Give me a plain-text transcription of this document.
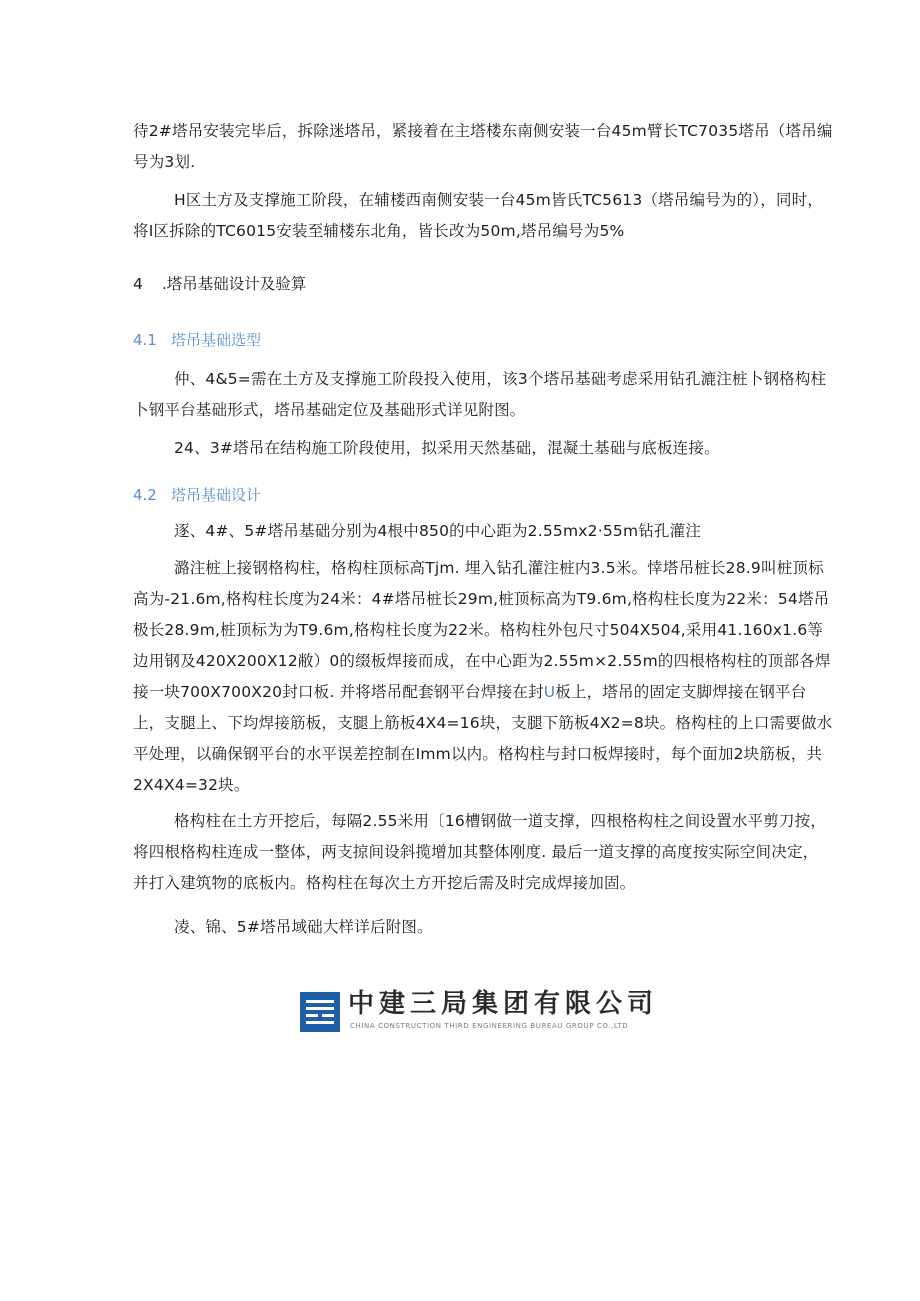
待2#塔吊安装完毕后，拆除迷塔吊，紧接着在主塔楼东南侧安装一台45m臂长TC7035塔吊（塔吊编号为3划.

H区土方及支撑施工阶段，在辅楼西南侧安装一台45m皆氏TC5613（塔吊编号为的），同时，将I区拆除的TC6015安装至辅楼东北角，皆长改为50m,塔吊编号为5%

4 .塔吊基础设计及验算
4.1 塔吊基础选型

仲、4&5=需在土方及支撑施工阶段投入使用，该3个塔吊基础考虑采用钻孔漉注桩卜钢格构柱卜钢平台基础形式，塔吊基础定位及基础形式详见附图。

24、3#塔吊在结构施工阶段使用，拟采用天然基础，混凝土基础与底板连接。

4.2 塔吊基础设计

逐、4#、5#塔吊基础分别为4根中850的中心距为2.55mx2·55m钻孔灌注

潞注桩上接钢格构柱，格构柱顶标高Tjm. 埋入钻孔灌注桩内3.5米。悻塔吊桩长28.9叫桩顶标高为-21.6m,格构柱长度为24米：4#塔吊桩长29m,桩顶标高为T9.6m,格构柱长度为22米：54塔吊极长28.9m,桩顶标为为T9.6m,格构柱长度为22米。格构柱外包尺寸504X504,采用41.160x1.6等边用钢及420X200X12敝）0的缀板焊接而成，在中心距为2.55m×2.55m的四根格构柱的顶部各焊接一块700X700X20封口板. 并将塔吊配套钢平台焊接在封U板上，塔吊的固定支脚焊接在钢平台上，支腿上、下均焊接筋板，支腿上筋板4X4=16块，支腿下筋板4X2=8块。格构柱的上口需要做水平处理，以确保钢平台的水平误差控制在Imm以内。格构柱与封口板焊接时，每个面加2块筋板，共2X4X4=32块。

格构柱在土方开挖后，每隔2.55米用〔16槽钢做一道支撑，四根格构柱之间设置水平剪刀按，将四根格构柱连成一整体，两支掠间设斜揽增加其整体刚度. 最后一道支撑的高度按实际空间决定，并打入建筑物的底板内。格构柱在每次土方开挖后需及时完成焊接加固。

凌、锦、5#塔吊域础大样详后附图。

中建三局集团有限公司
CHINA CONSTRUCTION THIRD ENGINEERING BUREAU GROUP CO.,LTD
